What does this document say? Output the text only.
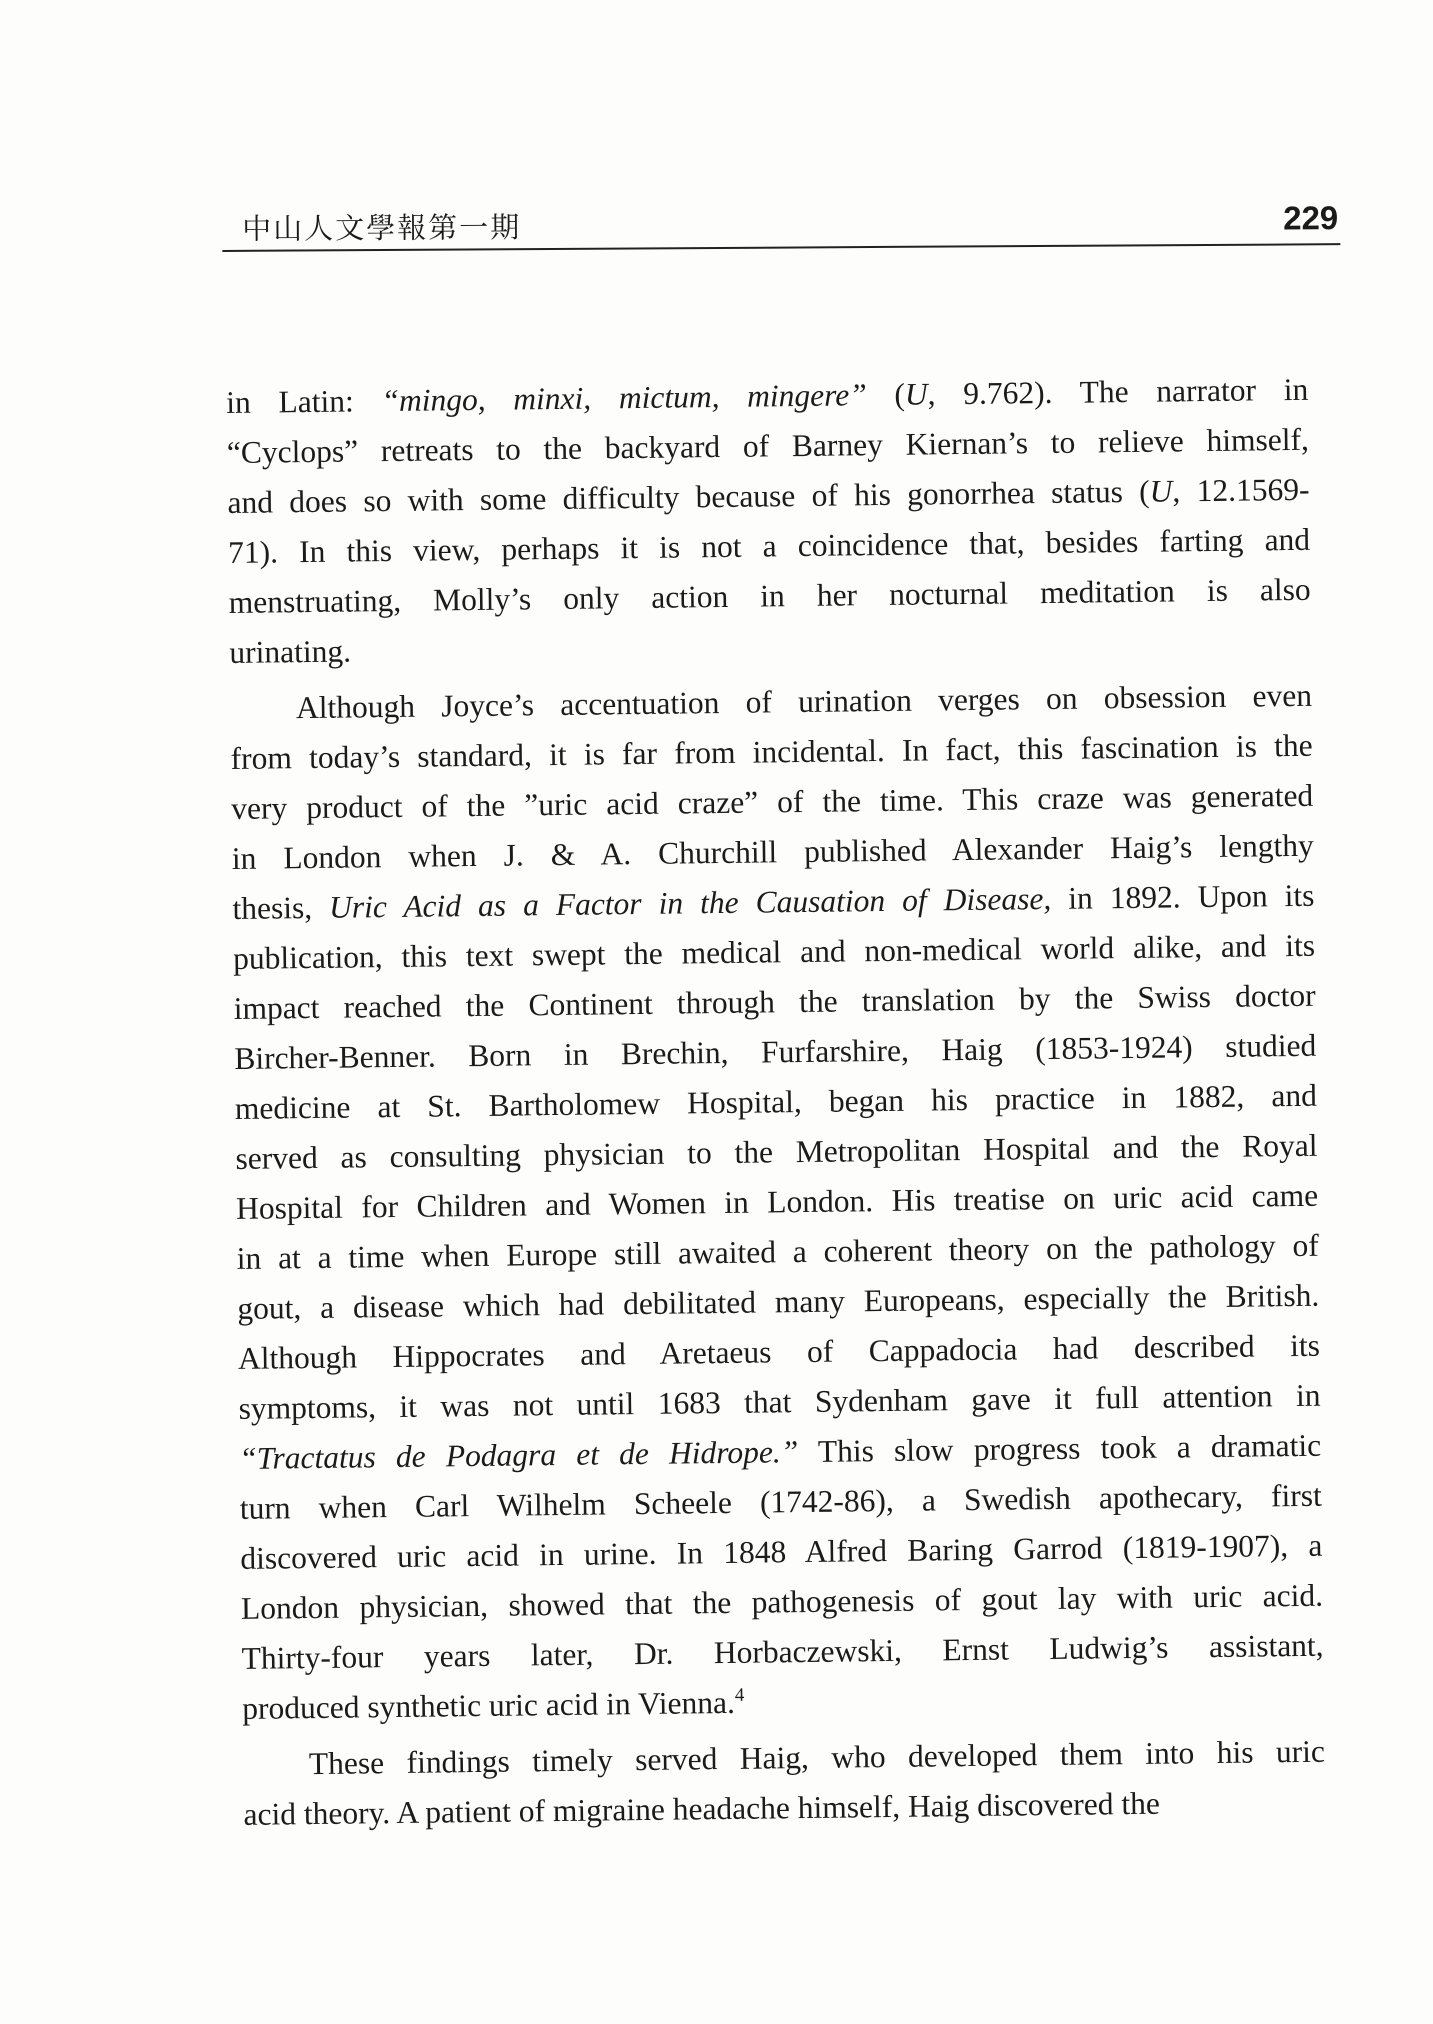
中山人文學報第一期	229
in Latin: “mingo, minxi, mictum, mingere” (U, 9.762). The narrator in
“Cyclops” retreats to the backyard of Barney Kiernan’s to relieve himself,
and does so with some difficulty because of his gonorrhea status (U, 12.1569-
71). In this view, perhaps it is not a coincidence that, besides farting and
menstruating, Molly’s only action in her nocturnal meditation is also
urinating.
Although Joyce’s accentuation of urination verges on obsession even
from today’s standard, it is far from incidental. In fact, this fascination is the
very product of the ”uric acid craze” of the time. This craze was generated
in London when J. & A. Churchill published Alexander Haig’s lengthy
thesis, Uric Acid as a Factor in the Causation of Disease, in 1892. Upon its
publication, this text swept the medical and non-medical world alike, and its
impact reached the Continent through the translation by the Swiss doctor
Bircher-Benner. Born in Brechin, Furfarshire, Haig (1853-1924) studied
medicine at St. Bartholomew Hospital, began his practice in 1882, and
served as consulting physician to the Metropolitan Hospital and the Royal
Hospital for Children and Women in London. His treatise on uric acid came
in at a time when Europe still awaited a coherent theory on the pathology of
gout, a disease which had debilitated many Europeans, especially the British.
Although Hippocrates and Aretaeus of Cappadocia had described its
symptoms, it was not until 1683 that Sydenham gave it full attention in
“Tractatus de Podagra et de Hidrope.” This slow progress took a dramatic
turn when Carl Wilhelm Scheele (1742-86), a Swedish apothecary, first
discovered uric acid in urine. In 1848 Alfred Baring Garrod (1819-1907), a
London physician, showed that the pathogenesis of gout lay with uric acid.
Thirty-four years later, Dr. Horbaczewski, Ernst Ludwig’s assistant,
produced synthetic uric acid in Vienna.$^4$
These findings timely served Haig, who developed them into his uric
acid theory. A patient of migraine headache himself, Haig discovered the
